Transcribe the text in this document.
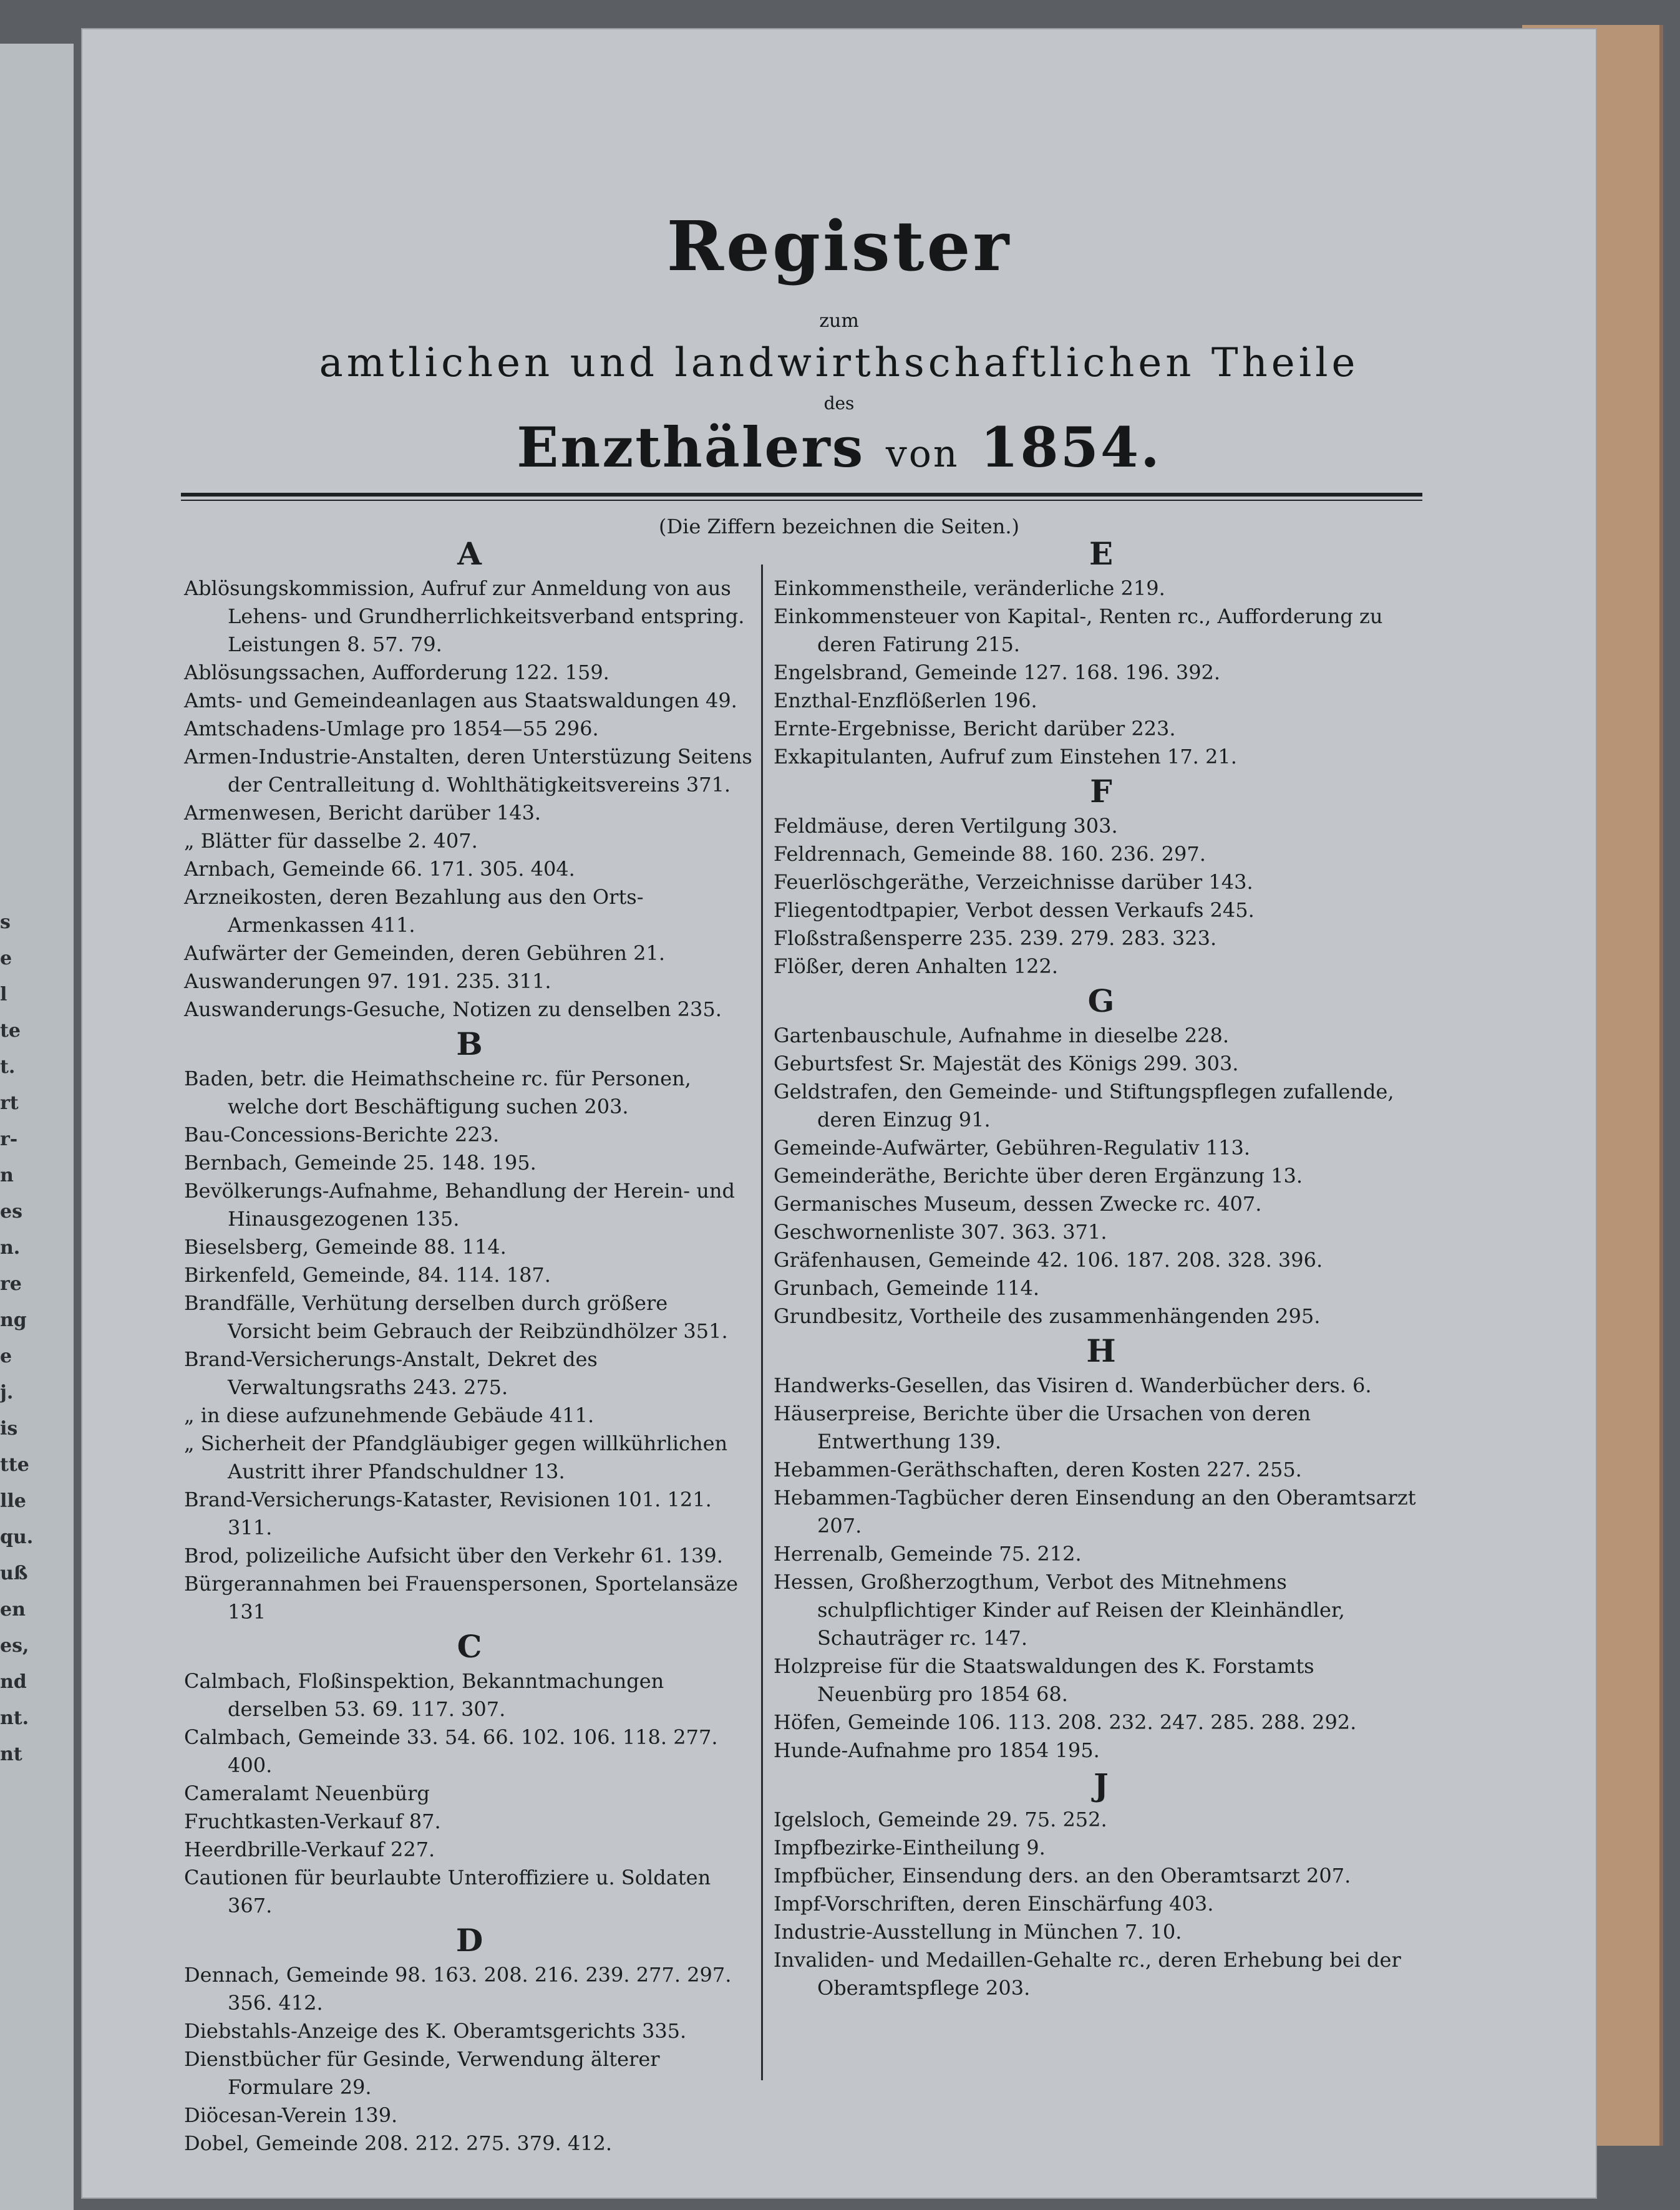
s
e
l
te
t.
rt
r-
n
es
n.
re
ng
e
j.
is
tte
lle
qu.
uß
en
es,
nd
nt.
nt
Register
zum
amtlichen und landwirthschaftlichen Theile
des
Enzthälers von 1854.
(Die Ziffern bezeichnen die Seiten.)
A
Ablösungskommission, Aufruf zur Anmeldung von aus Lehens- und Grundherrlichkeitsverband entspring. Leistungen 8. 57. 79.
Ablösungssachen, Aufforderung 122. 159.
Amts- und Gemeindeanlagen aus Staatswaldungen 49.
Amtschadens-Umlage pro 1854—55 296.
Armen-Industrie-Anstalten, deren Unterstüzung Seitens der Centralleitung d. Wohlthätigkeitsvereins 371.
Armenwesen, Bericht darüber 143.
„ Blätter für dasselbe 2. 407.
Arnbach, Gemeinde 66. 171. 305. 404.
Arzneikosten, deren Bezahlung aus den Orts-Armenkassen 411.
Aufwärter der Gemeinden, deren Gebühren 21.
Auswanderungen 97. 191. 235. 311.
Auswanderungs-Gesuche, Notizen zu denselben 235.
B
Baden, betr. die Heimathscheine rc. für Personen, welche dort Beschäftigung suchen 203.
Bau-Concessions-Berichte 223.
Bernbach, Gemeinde 25. 148. 195.
Bevölkerungs-Aufnahme, Behandlung der Herein- und Hinausgezogenen 135.
Bieselsberg, Gemeinde 88. 114.
Birkenfeld, Gemeinde, 84. 114. 187.
Brandfälle, Verhütung derselben durch größere Vorsicht beim Gebrauch der Reibzündhölzer 351.
Brand-Versicherungs-Anstalt, Dekret des Verwaltungsraths 243. 275.
„ in diese aufzunehmende Gebäude 411.
„ Sicherheit der Pfandgläubiger gegen willkührlichen Austritt ihrer Pfandschuldner 13.
Brand-Versicherungs-Kataster, Revisionen 101. 121. 311.
Brod, polizeiliche Aufsicht über den Verkehr 61. 139.
Bürgerannahmen bei Frauenspersonen, Sportelansäze 131
C
Calmbach, Floßinspektion, Bekanntmachungen derselben 53. 69. 117. 307.
Calmbach, Gemeinde 33. 54. 66. 102. 106. 118. 277. 400.
Cameralamt Neuenbürg
Fruchtkasten-Verkauf 87.
Heerdbrille-Verkauf 227.
Cautionen für beurlaubte Unteroffiziere u. Soldaten 367.
D
Dennach, Gemeinde 98. 163. 208. 216. 239. 277. 297. 356. 412.
Diebstahls-Anzeige des K. Oberamtsgerichts 335.
Dienstbücher für Gesinde, Verwendung älterer Formulare 29.
Diöcesan-Verein 139.
Dobel, Gemeinde 208. 212. 275. 379. 412.
E
Einkommenstheile, veränderliche 219.
Einkommensteuer von Kapital-, Renten rc., Aufforderung zu deren Fatirung 215.
Engelsbrand, Gemeinde 127. 168. 196. 392.
Enzthal-Enzflößerlen 196.
Ernte-Ergebnisse, Bericht darüber 223.
Exkapitulanten, Aufruf zum Einstehen 17. 21.
F
Feldmäuse, deren Vertilgung 303.
Feldrennach, Gemeinde 88. 160. 236. 297.
Feuerlöschgeräthe, Verzeichnisse darüber 143.
Fliegentodtpapier, Verbot dessen Verkaufs 245.
Floßstraßensperre 235. 239. 279. 283. 323.
Flößer, deren Anhalten 122.
G
Gartenbauschule, Aufnahme in dieselbe 228.
Geburtsfest Sr. Majestät des Königs 299. 303.
Geldstrafen, den Gemeinde- und Stiftungspflegen zufallende, deren Einzug 91.
Gemeinde-Aufwärter, Gebühren-Regulativ 113.
Gemeinderäthe, Berichte über deren Ergänzung 13.
Germanisches Museum, dessen Zwecke rc. 407.
Geschwornenliste 307. 363. 371.
Gräfenhausen, Gemeinde 42. 106. 187. 208. 328. 396.
Grunbach, Gemeinde 114.
Grundbesitz, Vortheile des zusammenhängenden 295.
H
Handwerks-Gesellen, das Visiren d. Wanderbücher ders. 6.
Häuserpreise, Berichte über die Ursachen von deren Entwerthung 139.
Hebammen-Geräthschaften, deren Kosten 227. 255.
Hebammen-Tagbücher deren Einsendung an den Oberamtsarzt 207.
Herrenalb, Gemeinde 75. 212.
Hessen, Großherzogthum, Verbot des Mitnehmens schulpflichtiger Kinder auf Reisen der Kleinhändler, Schauträger rc. 147.
Holzpreise für die Staatswaldungen des K. Forstamts Neuenbürg pro 1854 68.
Höfen, Gemeinde 106. 113. 208. 232. 247. 285. 288. 292.
Hunde-Aufnahme pro 1854 195.
J
Igelsloch, Gemeinde 29. 75. 252.
Impfbezirke-Eintheilung 9.
Impfbücher, Einsendung ders. an den Oberamtsarzt 207.
Impf-Vorschriften, deren Einschärfung 403.
Industrie-Ausstellung in München 7. 10.
Invaliden- und Medaillen-Gehalte rc., deren Erhebung bei der Oberamtspflege 203.
